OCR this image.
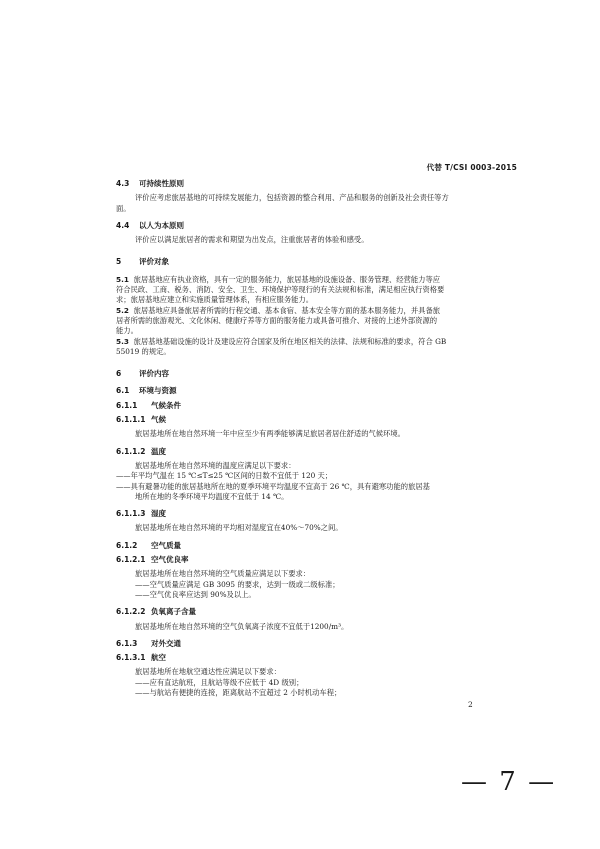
代替 T/CSI 0003-2015
4.3 可持续性原则
评价应考虑旅居基地的可持续发展能力，包括资源的整合利用、产品和服务的创新及社会责任等方
面。
4.4 以人为本原则
评价应以满足旅居者的需求和期望为出发点，注重旅居者的体验和感受。
5 评价对象
5.1 旅居基地应有执业资格，具有一定的服务能力，旅居基地的设施设备、服务管理、经营能力等应
符合民政、工商、税务、消防、安全、卫生、环境保护等现行的有关法规和标准，满足相应执行资格要
求；旅居基地应建立和实施质量管理体系，有相应服务能力。
5.2 旅居基地应具备旅居者所需的行程交通、基本食宿、基本安全等方面的基本服务能力，并具备旅
居者所需的旅游观光、文化休闲、健康疗养等方面的服务能力或具备可推介、对接的上述外部资源的
能力。
5.3 旅居基地基础设施的设计及建设应符合国家及所在地区相关的法律、法规和标准的要求，符合 GB
55019 的规定。
6 评价内容
6.1 环境与资源
6.1.1 气候条件
6.1.1.1 气候
旅居基地所在地自然环境一年中应至少有两季能够满足旅居者居住舒适的气候环境。
6.1.1.2 温度
旅居基地所在地自然环境的温度应满足以下要求：
——年平均气温在 15 ℃≤T≤25 ℃区间的日数不宜低于 120 天；
——具有避暑功能的旅居基地所在地的夏季环境平均温度不宜高于 26 ℃，具有避寒功能的旅居基
地所在地的冬季环境平均温度不宜低于 14 ℃。
6.1.1.3 湿度
旅居基地所在地自然环境的平均相对湿度宜在40%～70%之间。
6.1.2 空气质量
6.1.2.1 空气优良率
旅居基地所在地自然环境的空气质量应满足以下要求：
——空气质量应满足 GB 3095 的要求，达到一级或二级标准；
——空气优良率应达到 90%及以上。
6.1.2.2 负氧离子含量
旅居基地所在地自然环境的空气负氧离子浓度不宜低于1200/m³。
6.1.3 对外交通
6.1.3.1 航空
旅居基地所在地航空通达性应满足以下要求：
——应有直达航班，且航站等级不应低于 4D 级别；
——与航站有便捷的连接，距离航站不宜超过 2 小时机动车程；
2
— 7 —
